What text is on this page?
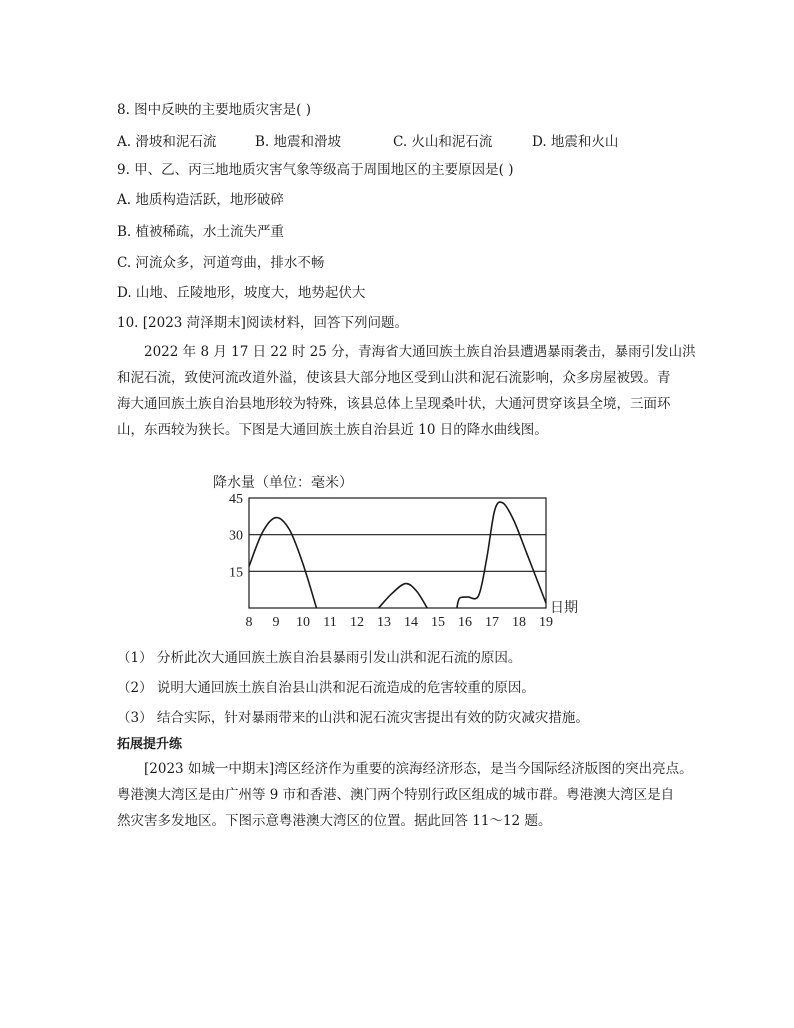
8. 图中反映的主要地质灾害是( )
A. 滑坡和泥石流	B. 地震和滑坡	C. 火山和泥石流	D. 地震和火山
9. 甲、乙、丙三地地质灾害气象等级高于周围地区的主要原因是( )
A. 地质构造活跃，地形破碎
B. 植被稀疏，水土流失严重
C. 河流众多，河道弯曲，排水不畅
D. 山地、丘陵地形，坡度大，地势起伏大
10. [2023 菏泽期末]阅读材料，回答下列问题。
2022 年 8 月 17 日 22 时 25 分，青海省大通回族土族自治县遭遇暴雨袭击，暴雨引发山洪
和泥石流，致使河流改道外溢，使该县大部分地区受到山洪和泥石流影响，众多房屋被毁。青
海大通回族土族自治县地形较为特殊，该县总体上呈现桑叶状，大通河贯穿该县全境，三面环
山，东西较为狭长。下图是大通回族土族自治县近 10 日的降水曲线图。
降水量（单位：毫米）
15
30
45
8 9 10 11 12 13 14 15 16 17 18 19
日期
（1） 分析此次大通回族土族自治县暴雨引发山洪和泥石流的原因。
（2） 说明大通回族土族自治县山洪和泥石流造成的危害较重的原因。
（3） 结合实际，针对暴雨带来的山洪和泥石流灾害提出有效的防灾减灾措施。
拓展提升练
[2023 如城一中期末]湾区经济作为重要的滨海经济形态，是当今国际经济版图的突出亮点。
粤港澳大湾区是由广州等 9 市和香港、澳门两个特别行政区组成的城市群。粤港澳大湾区是自
然灾害多发地区。下图示意粤港澳大湾区的位置。据此回答 11～12 题。
